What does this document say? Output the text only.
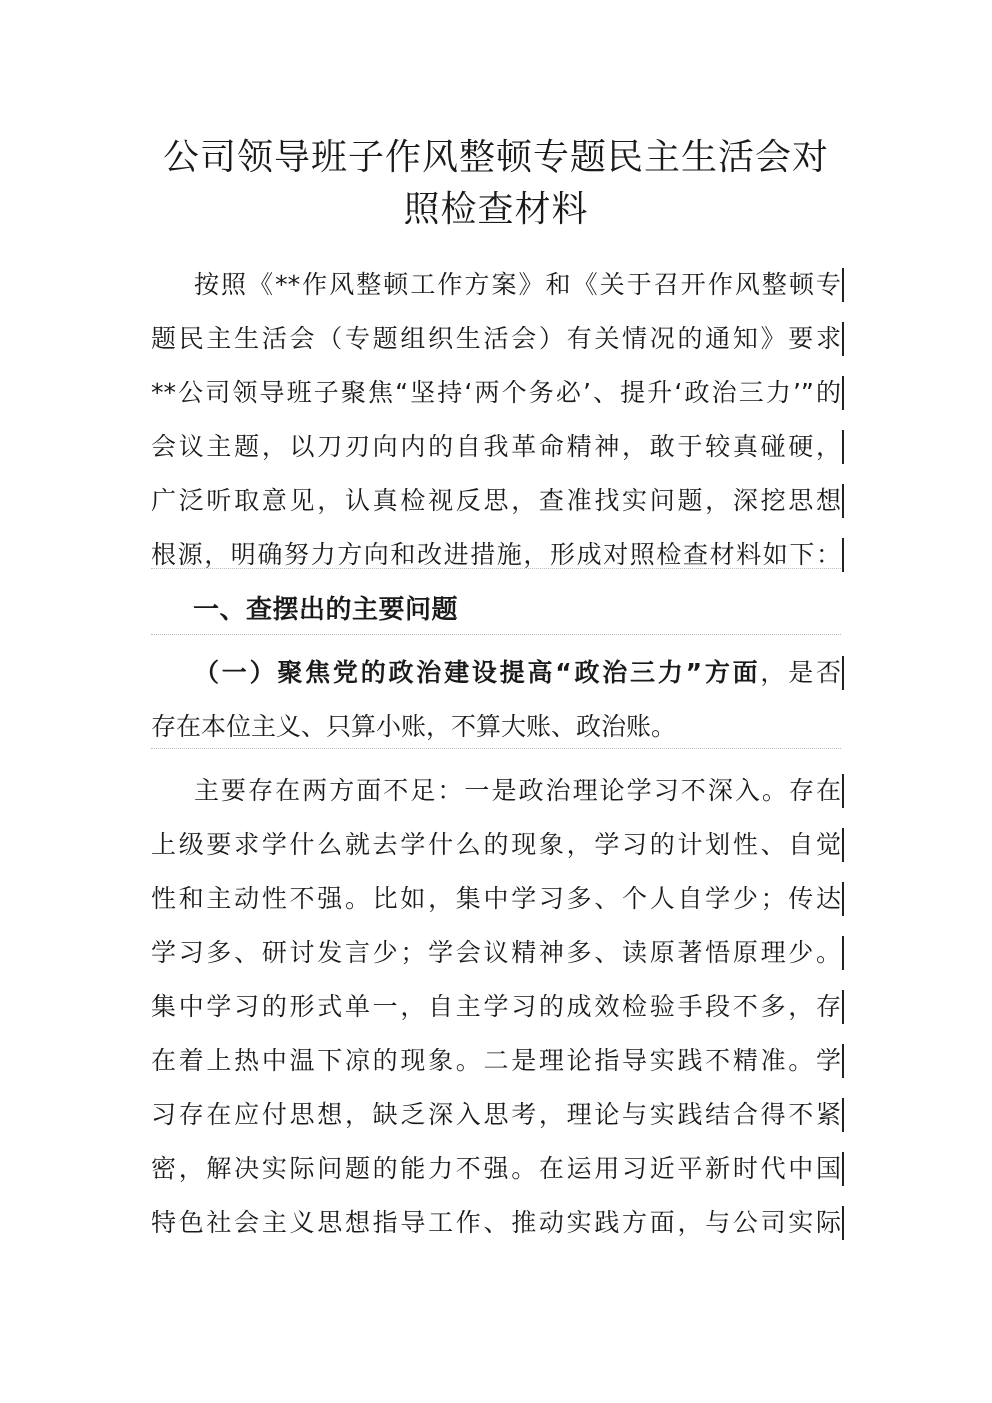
公司领导班子作风整顿专题民主生活会对
照检查材料
按照《**作风整顿工作方案》和《关于召开作风整顿专
题民主生活会（专题组织生活会）有关情况的通知》要求
**公司领导班子聚焦“坚持‘两个务必’、提升‘政治三力’”的
会议主题，以刀刃向内的自我革命精神，敢于较真碰硬，
广泛听取意见，认真检视反思，查准找实问题，深挖思想
根源，明确努力方向和改进措施，形成对照检查材料如下：
一、查摆出的主要问题
（一）聚焦党的政治建设提高“政治三力”方面，是否
存在本位主义、只算小账，不算大账、政治账。
主要存在两方面不足：一是政治理论学习不深入。存在
上级要求学什么就去学什么的现象，学习的计划性、自觉
性和主动性不强。比如，集中学习多、个人自学少；传达
学习多、研讨发言少；学会议精神多、读原著悟原理少。
集中学习的形式单一，自主学习的成效检验手段不多，存
在着上热中温下凉的现象。二是理论指导实践不精准。学
习存在应付思想，缺乏深入思考，理论与实践结合得不紧
密，解决实际问题的能力不强。在运用习近平新时代中国
特色社会主义思想指导工作、推动实践方面，与公司实际
